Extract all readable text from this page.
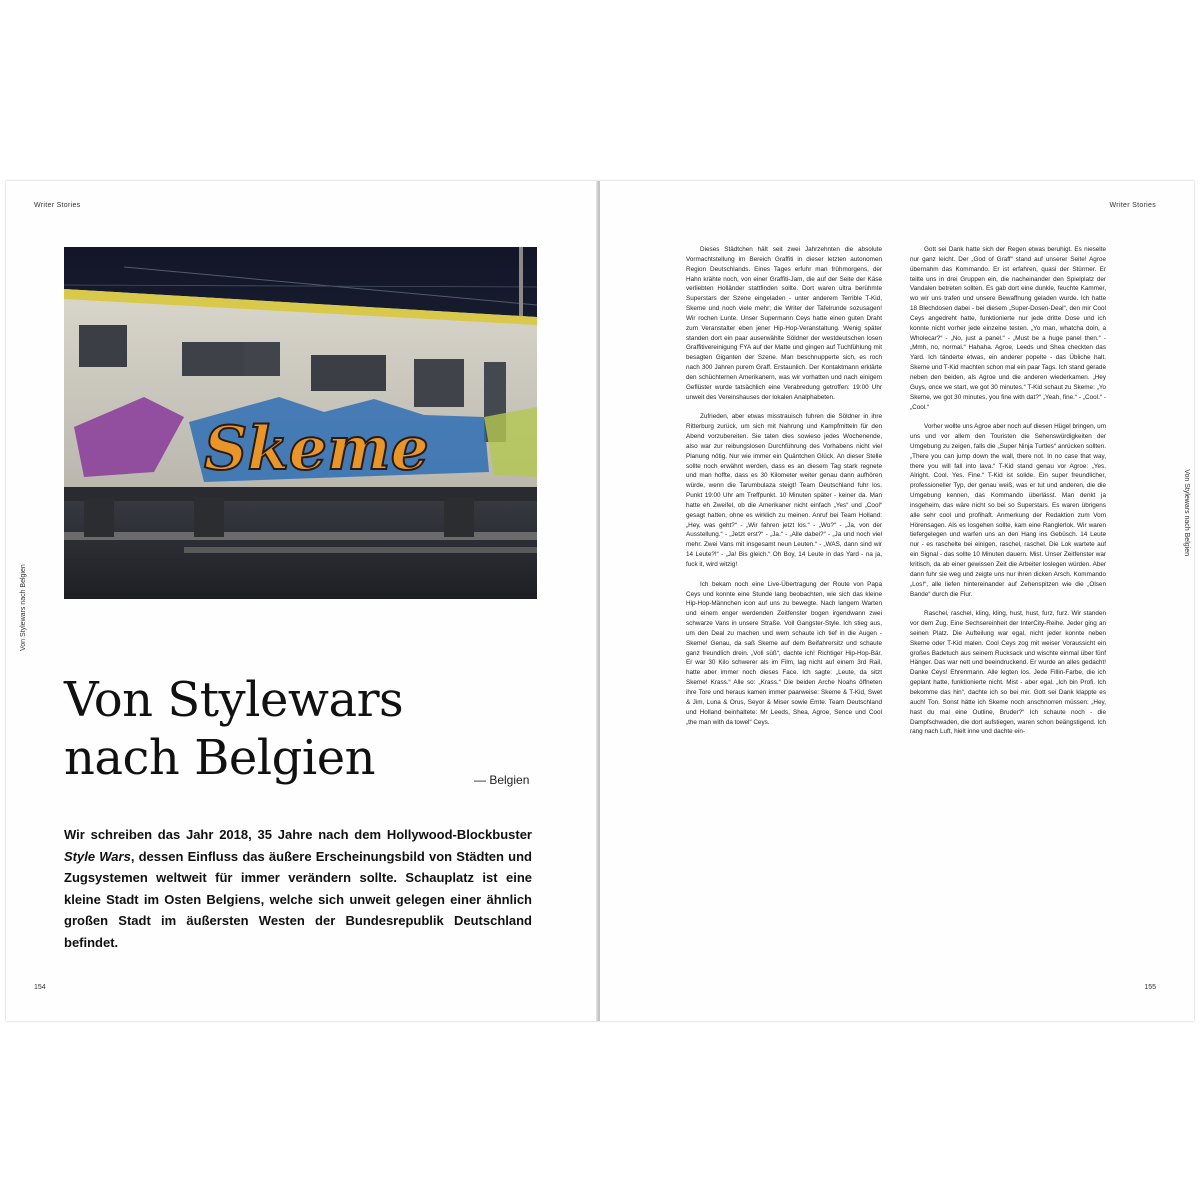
Writer Stories
Von Stylewars nach Belgien
Skeme
Von Stylewars
nach Belgien	— Belgien

Wir schreiben das Jahr 2018, 35 Jahre nach dem Hollywood-Blockbuster Style Wars, dessen Einfluss das äußere Erscheinungsbild von Städten und Zugsystemen weltweit für immer verändern sollte. Schauplatz ist eine kleine Stadt im Osten Belgiens, welche sich unweit gelegen einer ähnlich großen Stadt im äußersten Westen der Bundesrepublik Deutschland befindet.

154
Writer Stories
Von Stylewars nach Belgien

Dieses Städtchen hält seit zwei Jahrzehnten die absolute Vormachtstellung im Bereich Graffiti in dieser letzten autonomen Region Deutschlands. Eines Tages erfuhr man frühmorgens, der Hahn krähte noch, von einer Graffiti-Jam, die auf der Seite der Käse verliebten Holländer stattfinden sollte. Dort waren ultra berühmte Superstars der Szene eingeladen - unter anderem Terrible T-Kid, Skeme und noch viele mehr; die Writer der Tafelrunde sozusagen! Wir rochen Lunte. Unser Supermann Ceys hatte einen guten Draht zum Veranstalter eben jener Hip-Hop-Veranstaltung. Wenig später standen dort ein paar auserwählte Söldner der westdeutschen losen Graffitivereinigung FYA auf der Matte und gingen auf Tuchfühlung mit besagten Giganten der Szene. Man beschnupperte sich, es roch nach 300 Jahren purem Graff. Erstaunlich. Der Kontaktmann erklärte den schüchternen Amerikanern, was wir vorhatten und nach einigem Geflüster wurde tatsächlich eine Verabredung getroffen: 19:00 Uhr unweit des Vereinshauses der lokalen Analphabeten.

Zufrieden, aber etwas misstrauisch fuhren die Söldner in ihre Ritterburg zurück, um sich mit Nahrung und Kampfmitteln für den Abend vorzubereiten. Sie taten dies sowieso jedes Wochenende, also war zur reibungslosen Durchführung des Vorhabens nicht viel Planung nötig. Nur wie immer ein Quäntchen Glück. An dieser Stelle sollte noch erwähnt werden, dass es an diesem Tag stark regnete und man hoffte, dass es 30 Kilometer weiter genau dann aufhören würde, wenn die Tarumbulaza steigt! Team Deutschland fuhr los. Punkt 19:00 Uhr am Treffpunkt. 10 Minuten später - keiner da. Man hatte eh Zweifel, ob die Amerikaner nicht einfach „Yes“ und „Cool“ gesagt hatten, ohne es wirklich zu meinen. Anruf bei Team Holland: „Hey, was geht?“ - „Wir fahren jetzt los.“ - „Wo?“ - „Ja, von der Ausstellung.“ - „Jetzt erst?“ - „Ja.“ - „Alle dabei?“ - „Ja und noch viel mehr. Zwei Vans mit insgesamt neun Leuten.“ - „WAS, dann sind wir 14 Leute?!“ - „Ja! Bis gleich.“ Oh Boy, 14 Leute in das Yard - na ja, fuck it, wird witzig!

Ich bekam noch eine Live-Übertragung der Route von Papa Ceys und konnte eine Stunde lang beobachten, wie sich das kleine Hip-Hop-Männchen icon auf uns zu bewegte. Nach langem Warten und einem enger werdenden Zeitfenster bogen irgendwann zwei schwarze Vans in unsere Straße. Voll Gangster-Style. Ich stieg aus, um den Deal zu machen und wem schaute ich tief in die Augen - Skeme! Genau, da saß Skeme auf dem Beifahrersitz und schaute ganz freundlich drein. „Voll süß“, dachte ich! Richtiger Hip-Hop-Bär. Er war 30 Kilo schwerer als im Film, lag nicht auf einem 3rd Rail, hatte aber immer noch dieses Face. Ich sagte: „Leute, da sitzt Skeme! Krass.“ Alle so: „Krass.“ Die beiden Arche Noahs öffneten ihre Tore und heraus kamen immer paarweise: Skeme & T-Kid, Swet & Jim, Luna & Orus, Seyor & Miser sowie Emte. Team Deutschland und Holland beinhaltete: Mr Leeds, Shea, Agroe, Sence und Cool „the man with da towel“ Ceys.

Gott sei Dank hatte sich der Regen etwas beruhigt. Es nieselte nur ganz leicht. Der „God of Graff“ stand auf unserer Seite! Agroe übernahm das Kommando. Er ist erfahren, quasi der Stürmer. Er teilte uns in drei Gruppen ein, die nacheinander den Spielplatz der Vandalen betreten sollten. Es gab dort eine dunkle, feuchte Kammer, wo wir uns trafen und unsere Bewaffnung geladen wurde. Ich hatte 18 Blechdosen dabei - bei diesem „Super-Dosen-Deal“, den mir Cool Ceys angedreht hatte, funktionierte nur jede dritte Dose und ich konnte nicht vorher jede einzelne testen. „Yo man, whatcha doin, a Wholecar?“ - „No, just a panel.“ - „Must be a huge panel then.“ - „Mmh, no, normal.“ Hahaha. Agroe, Leeds und Shea checkten das Yard. Ich tänderte etwas, ein anderer popelte - das Übliche halt. Skeme und T-Kid machten schon mal ein paar Tags. Ich stand gerade neben den beiden, als Agroe und die anderen wiederkamen. „Hey Guys, once we start, we got 30 minutes.“ T-Kid schaut zu Skeme: „Yo Skeme, we got 30 minutes, you fine with dat?“ „Yeah, fine.“ - „Cool.“ - „Cool.“

Vorher wollte uns Agroe aber noch auf diesen Hügel bringen, um uns und vor allem den Touristen die Sehenswürdigkeiten der Umgebung zu zeigen, falls die „Super Ninja Turtles“ anrücken sollten. „There you can jump down the wall, there not. In no case that way, there you will fall into lava.“ T-Kid stand genau vor Agroe: „Yes. Alright. Cool. Yes. Fine.“ T-Kid ist solide. Ein super freundlicher, professioneller Typ, der genau weiß, was er tut und anderen, die die Umgebung kennen, das Kommando überlässt. Man denkt ja insgeheim, das wäre nicht so bei so Superstars. Es waren übrigens alle sehr cool und profihaft. Anmerkung der Redaktion zum Vom Hörensagen. Als es losgehen sollte, kam eine Ranglerlok. Wir waren tiefergelegen und warfen uns an den Hang ins Gebüsch. 14 Leute nur - es raschelte bei einigen, raschel, raschel. Die Lok wartete auf ein Signal - das sollte 10 Minuten dauern. Mist. Unser Zeitfenster war kritisch, da ab einer gewissen Zeit die Arbeiter loslegen würden. Aber dann fuhr sie weg und zeigte uns nur ihren dicken Arsch. Kommando „Los!“, alle liefen hintereinander auf Zehenspitzen wie die „Olsen Bande“ durch die Flur.

Raschel, raschel, kling, kling, hust, hust, furz, furz. Wir standen vor dem Zug. Eine Sechsereinheit der InterCity-Reihe. Jeder ging an seinen Platz. Die Aufteilung war egal, nicht jeder konnte neben Skeme oder T-Kid malen. Cool Ceys zog mit weiser Voraussicht ein großes Badetuch aus seinem Rucksack und wischte einmal über fünf Hänger. Das war nett und beeindruckend. Er wurde an alles gedacht! Danke Ceys! Ehrenmann. Alle legten los. Jede Fillin-Farbe, die ich geplant hatte, funktionierte nicht. Mist - aber egal. „Ich bin Profi. Ich bekomme das hin“, dachte ich so bei mir. Gott sei Dank klappte es auch! Ton. Sonst hätte ich Skeme noch anschnorren müssen: „Hey, hast du mal eine Outline, Bruder?“ Ich schaute noch - die Dampfschwaden, die dort aufstiegen, waren schon beängstigend. Ich rang nach Luft, hielt inne und dachte ein-

155
